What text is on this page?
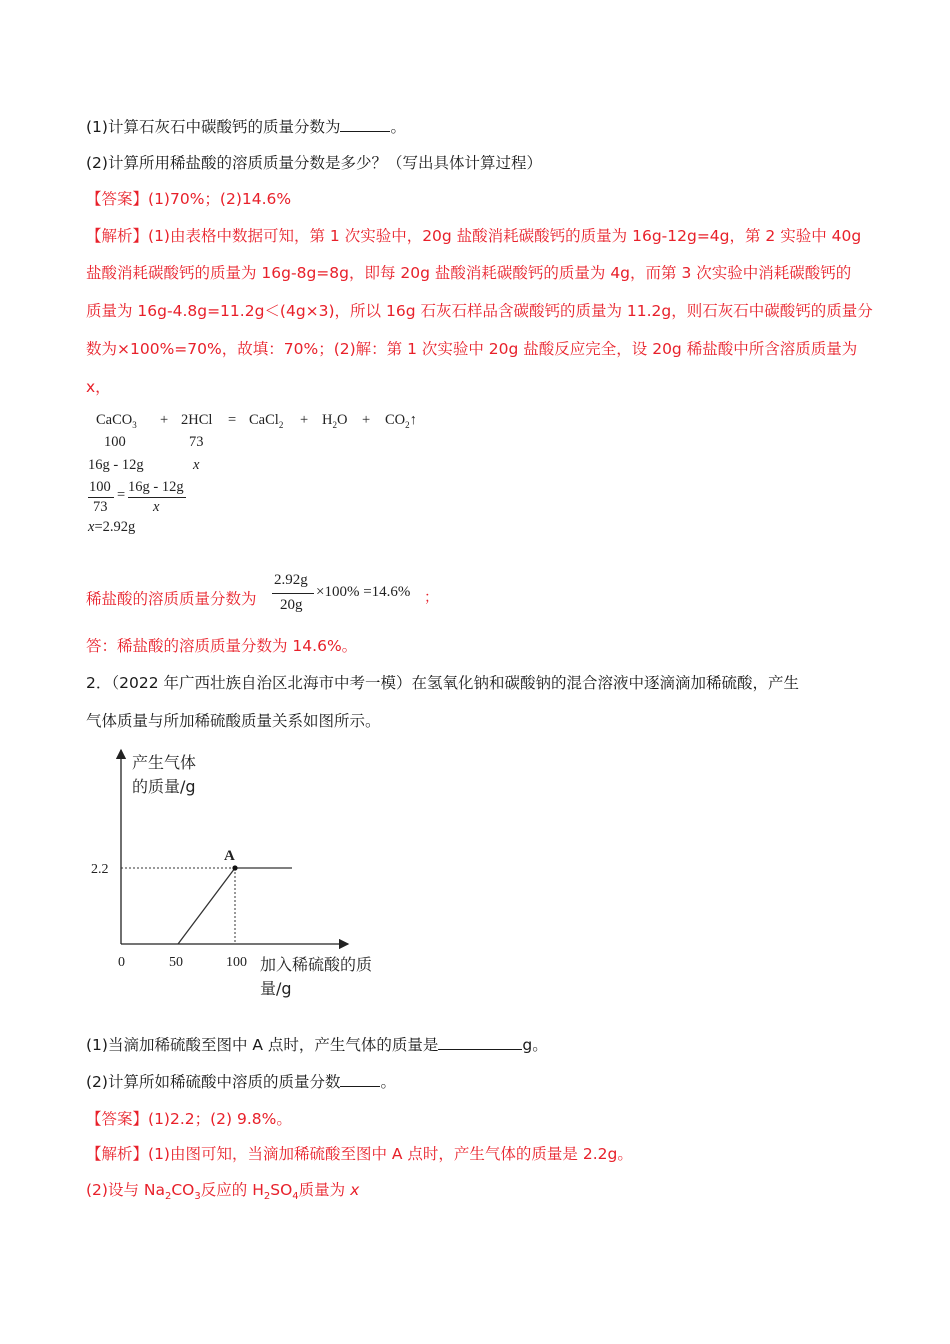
(1)计算石灰石中碳酸钙的质量分数为	。
(2)计算所用稀盐酸的溶质质量分数是多少？（写出具体计算过程）
【答案】(1)70%；(2)14.6%
【解析】(1)由表格中数据可知，第 1 次实验中，20g 盐酸消耗碳酸钙的质量为 16g-12g=4g，第 2 实验中 40g
盐酸消耗碳酸钙的质量为 16g-8g=8g，即每 20g 盐酸消耗碳酸钙的质量为 4g，而第 3 次实验中消耗碳酸钙的
质量为 16g-4.8g=11.2g＜(4g×3)，所以 16g 石灰石样品含碳酸钙的质量为 11.2g，则石灰石中碳酸钙的质量分
数为×100%=70%，故填：70%；(2)解：第 1 次实验中 20g 盐酸反应完全，设 20g 稀盐酸中所含溶质质量为
x，
CaCO$_3$ + 2HCl = CaCl$_2$ + $H_2O$ + $CO_2↑$
100	73
16g - 12g	x
100
73
= 16g - 12g
x
x=2.92g
稀盐酸的溶质质量分数为
2.92g
20g
×100% =14.6% ；
答：稀盐酸的溶质质量分数为 14.6%。
2．（2022 年广西壮族自治区北海市中考一模）在氢氧化钠和碳酸钠的混合溶液中逐滴滴加稀硫酸，产生
气体质量与所加稀硫酸质量关系如图所示。
产生气体
的质量/g
加入稀硫酸的质
量/g
A
0	50	100
2.2
(1)当滴加稀硫酸至图中 A 点时，产生气体的质量是	g。
(2)计算所如稀硫酸中溶质的质量分数	。
【答案】(1)2.2；(2) 9.8%。
【解析】(1)由图可知，当滴加稀硫酸至图中 A 点时，产生气体的质量是 2.2g。
(2)设与 $Na_2CO_3$反应的 $H_2SO_4$质量为 x
